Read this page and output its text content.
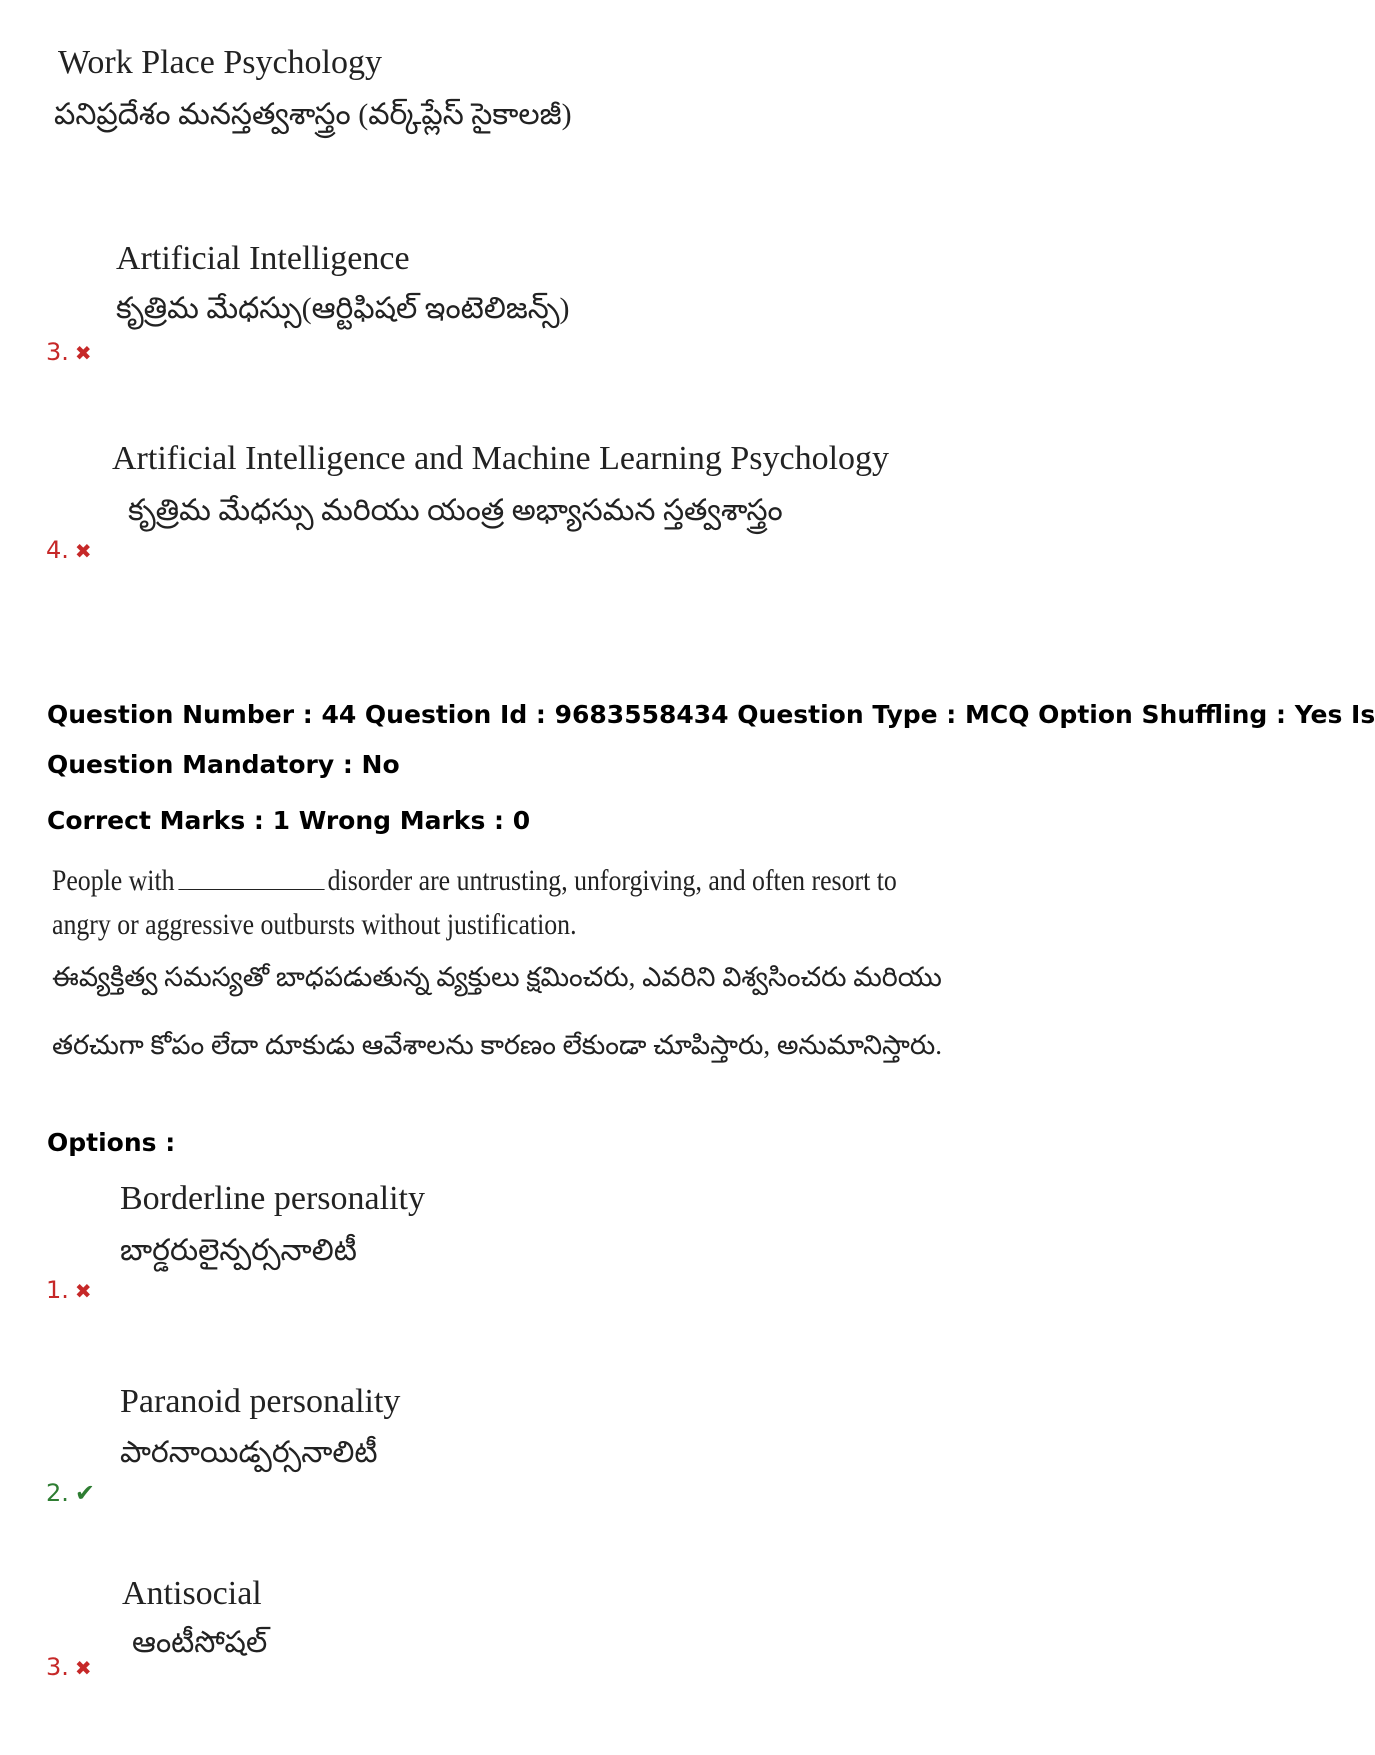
Work Place Psychology
పనిప్రదేశం మనస్తత్వశాస్త్రం (వర్క్‌ప్లేస్ సైకాలజీ)
Artificial Intelligence
కృత్రిమ మేధస్సు(ఆర్టిఫిషల్ ఇంటెలిజన్స్)
3. ✖
Artificial Intelligence and Machine Learning Psychology
కృత్రిమ మేధస్సు మరియు యంత్ర అభ్యాసమన స్తత్వశాస్త్రం
4. ✖
Question Number : 44 Question Id : 9683558434 Question Type : MCQ Option Shuffling : Yes Is
Question Mandatory : No
Correct Marks : 1 Wrong Marks : 0
People with	disorder are untrusting, unforgiving, and often resort to
angry or aggressive outbursts without justification.
ఈవ్యక్తిత్వ సమస్యతో బాధపడుతున్న వ్యక్తులు క్షమించరు, ఎవరిని విశ్వసించరు మరియు
తరచుగా కోపం లేదా దూకుడు ఆవేశాలను కారణం లేకుండా చూపిస్తారు, అనుమానిస్తారు.
Options :
Borderline personality
బార్డరులైన్పర్సనాలిటీ
1. ✖
Paranoid personality
పారనాయిడ్పర్సనాలిటీ
2. ✔
Antisocial
ఆంటీసోషల్
3. ✖
